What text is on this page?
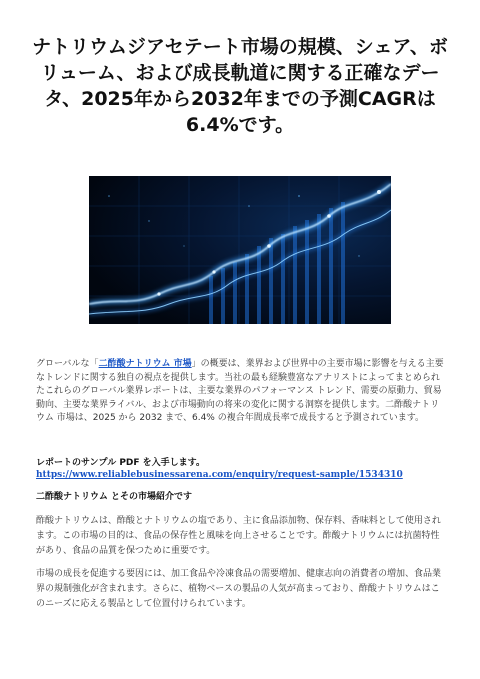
ナトリウムジアセテート市場の規模、シェア、ボリューム、および成長軌道に関する正確なデータ、2025年から2032年までの予測CAGRは6.4%です。

グローバルな「二酢酸ナトリウム 市場」の概要は、業界および世界中の主要市場に影響を与える主要なトレンドに関する独自の視点を提供します。当社の最も経験豊富なアナリストによってまとめられたこれらのグローバル業界レポートは、主要な業界のパフォーマンス トレンド、需要の原動力、貿易動向、主要な業界ライバル、および市場動向の将来の変化に関する洞察を提供します。二酢酸ナトリウム 市場は、2025 から 2032 まで、6.4% の複合年間成長率で成長すると予測されています。

レポートのサンプル PDF を入手します。 https://www.reliablebusinessarena.com/enquiry/request-sample/1534310

二酢酸ナトリウム とその市場紹介です

酢酸ナトリウムは、酢酸とナトリウムの塩であり、主に食品添加物、保存料、香味料として使用されます。この市場の目的は、食品の保存性と風味を向上させることです。酢酸ナトリウムには抗菌特性があり、食品の品質を保つために重要です。

市場の成長を促進する要因には、加工食品や冷凍食品の需要増加、健康志向の消費者の増加、食品業界の規制強化が含まれます。さらに、植物ベースの製品の人気が高まっており、酢酸ナトリウムはこのニーズに応える製品として位置付けられています。
